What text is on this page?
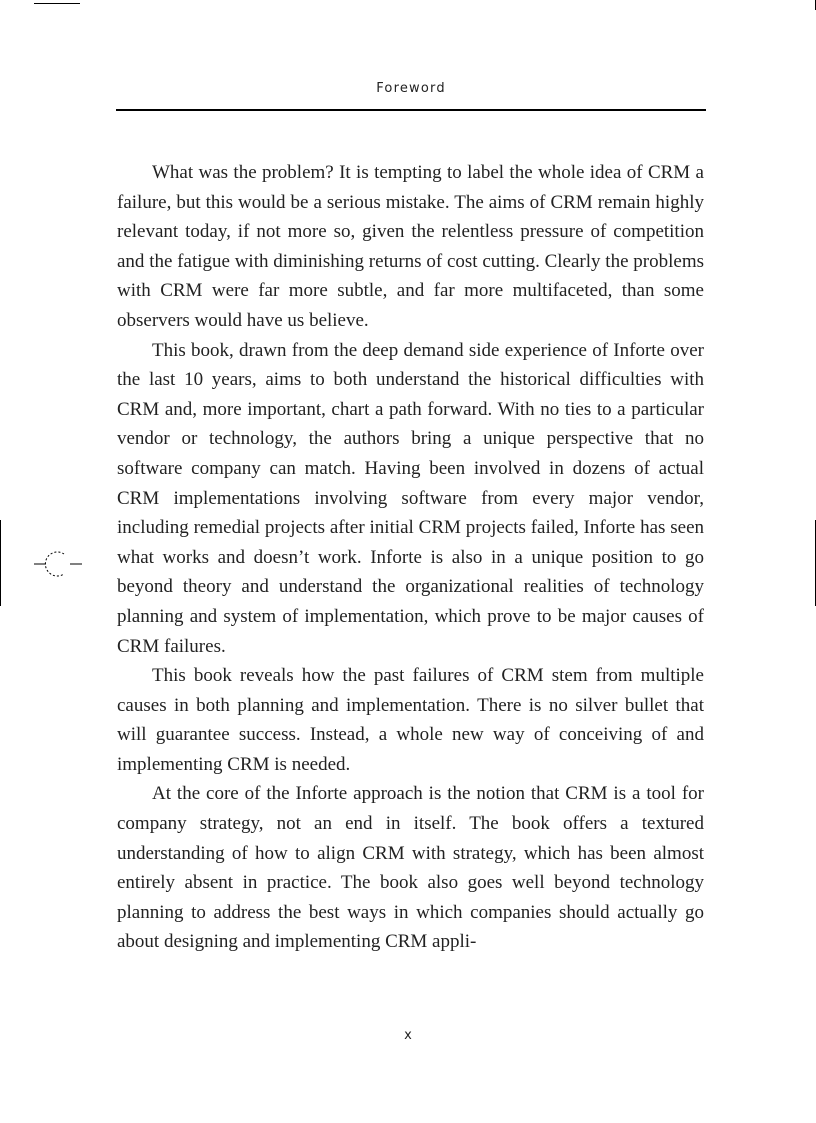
Foreword

What was the problem? It is tempting to label the whole idea of CRM a failure, but this would be a serious mistake. The aims of CRM remain highly relevant today, if not more so, given the relentless pressure of competition and the fatigue with diminishing returns of cost cutting. Clearly the problems with CRM were far more subtle, and far more multifaceted, than some observers would have us believe.

This book, drawn from the deep demand side experience of Inforte over the last 10 years, aims to both understand the historical difficulties with CRM and, more important, chart a path forward. With no ties to a particular vendor or technology, the authors bring a unique perspective that no software company can match. Having been involved in dozens of actual CRM implementations involving software from every major vendor, including remedial projects after initial CRM projects failed, Inforte has seen what works and doesn’t work. Inforte is also in a unique position to go beyond theory and understand the organizational realities of technology planning and system of implementation, which prove to be major causes of CRM failures.

This book reveals how the past failures of CRM stem from multiple causes in both planning and implementation. There is no silver bullet that will guarantee success. Instead, a whole new way of conceiving of and implementing CRM is needed.

At the core of the Inforte approach is the notion that CRM is a tool for company strategy, not an end in itself. The book offers a textured understanding of how to align CRM with strategy, which has been almost entirely absent in practice. The book also goes well beyond technology planning to address the best ways in which companies should actually go about designing and implementing CRM appli-

x
